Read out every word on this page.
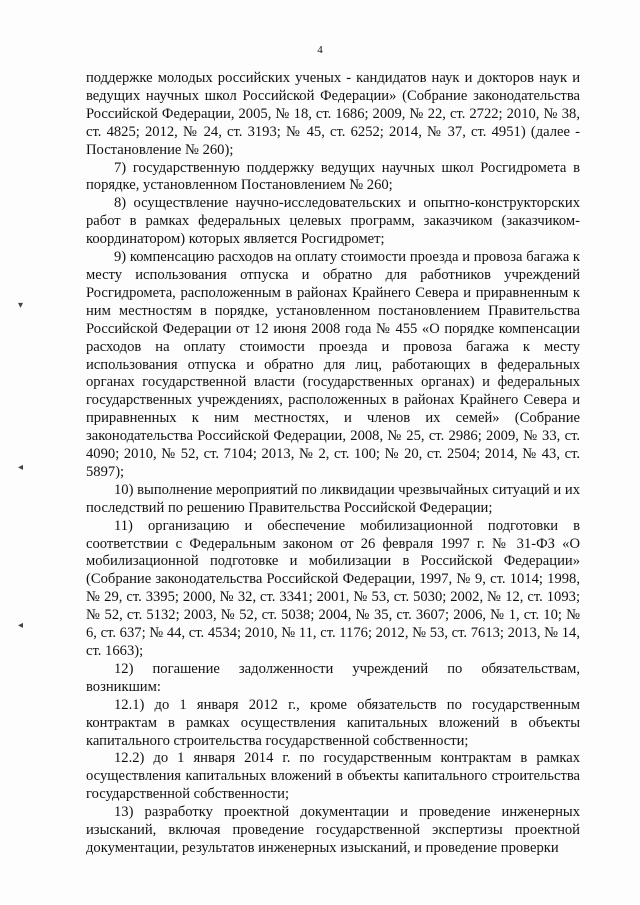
4
▾
◂
◂

поддержке молодых российских ученых - кандидатов наук и докторов наук и ведущих научных школ Российской Федерации» (Собрание законодательства Российской Федерации, 2005, № 18, ст. 1686; 2009, № 22, ст. 2722; 2010, № 38, ст. 4825; 2012, № 24, ст. 3193; № 45, ст. 6252; 2014, № 37, ст. 4951) (далее - Постановление № 260);

7) государственную поддержку ведущих научных школ Росгидромета в порядке, установленном Постановлением № 260;

8) осуществление научно-исследовательских и опытно-конструкторских работ в рамках федеральных целевых программ, заказчиком (заказчиком-координатором) которых является Росгидромет;

9) компенсацию расходов на оплату стоимости проезда и провоза багажа к месту использования отпуска и обратно для работников учреждений Росгидромета, расположенным в районах Крайнего Севера и приравненным к ним местностям в порядке, установленном постановлением Правительства Российской Федерации от 12 июня 2008 года № 455 «О порядке компенсации расходов на оплату стоимости проезда и провоза багажа к месту использования отпуска и обратно для лиц, работающих в федеральных органах государственной власти (государственных органах) и федеральных государственных учреждениях, расположенных в районах Крайнего Севера и приравненных к ним местностях, и членов их семей» (Собрание законодательства Российской Федерации, 2008, № 25, ст. 2986; 2009, № 33, ст. 4090; 2010, № 52, ст. 7104; 2013, № 2, ст. 100; № 20, ст. 2504; 2014, № 43, ст. 5897);

10) выполнение мероприятий по ликвидации чрезвычайных ситуаций и их последствий по решению Правительства Российской Федерации;

11) организацию и обеспечение мобилизационной подготовки в соответствии с Федеральным законом от 26 февраля 1997 г. № 31-ФЗ «О мобилизационной подготовке и мобилизации в Российской Федерации» (Собрание законодательства Российской Федерации, 1997, № 9, ст. 1014; 1998, № 29, ст. 3395; 2000, № 32, ст. 3341; 2001, № 53, ст. 5030; 2002, № 12, ст. 1093; № 52, ст. 5132; 2003, № 52, ст. 5038; 2004, № 35, ст. 3607; 2006, № 1, ст. 10; № 6, ст. 637; № 44, ст. 4534; 2010, № 11, ст. 1176; 2012, № 53, ст. 7613; 2013, № 14, ст. 1663);

12) погашение задолженности учреждений по обязательствам, возникшим:

12.1) до 1 января 2012 г., кроме обязательств по государственным контрактам в рамках осуществления капитальных вложений в объекты капитального строительства государственной собственности;

12.2) до 1 января 2014 г. по государственным контрактам в рамках осуществления капитальных вложений в объекты капитального строительства государственной собственности;

13) разработку проектной документации и проведение инженерных изысканий, включая проведение государственной экспертизы проектной документации, результатов инженерных изысканий, и проведение проверки
